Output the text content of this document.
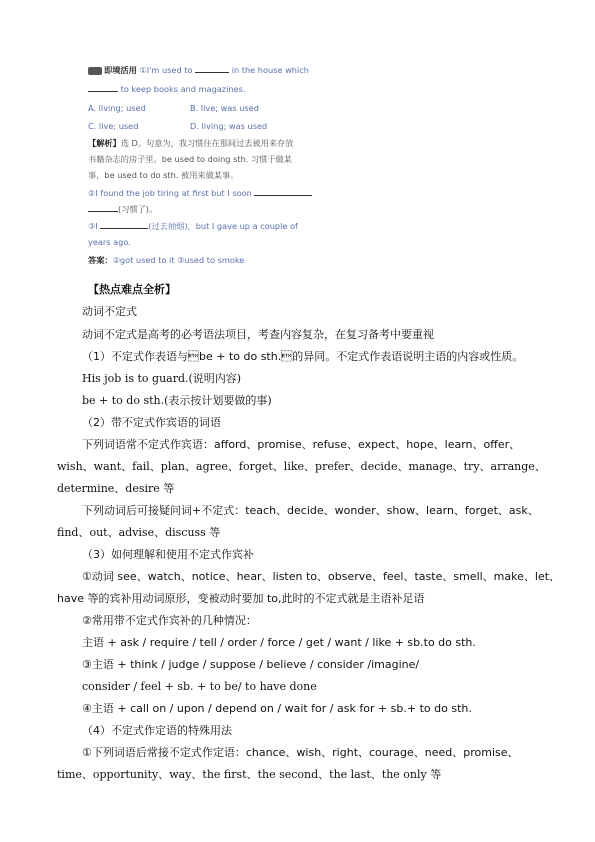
即境活用 ①I'm used to	in the house which
to keep books and magazines.
A. living; used	B. live; was used
C. live; used	D. living; was used
【解析】选 D。句意为，我习惯住在那间过去被用来存放
书籍杂志的房子里。be used to doing sth. 习惯于做某
事，be used to do sth. 被用来做某事。
②I found the job tiring at first but I soon
(习惯了)。
③I	(过去抽烟)，but I gave up a couple of
years ago.
答案：②got used to it ③used to smoke
【热点难点全析】
动词不定式
动词不定式是高考的必考语法项目，考查内容复杂，在复习备考中要重视
（1）不定式作表语与be + to do sth.的异同。不定式作表语说明主语的内容或性质。
His job is to guard.(说明内容)
be + to do sth.(表示按计划要做的事)
（2）带不定式作宾语的词语
下列词语常不定式作宾语：afford、promise、refuse、expect、hope、learn、offer、
wish、want、fail、plan、agree、forget、like、prefer、decide、manage、try、arrange、
determine、desire 等
下列动词后可接疑问词+不定式：teach、decide、wonder、show、learn、forget、ask、
find、out、advise、discuss 等
（3）如何理解和使用不定式作宾补
①动词 see、watch、notice、hear、listen to、observe、feel、taste、smell、make、let、
have 等的宾补用动词原形，变被动时要加 to,此时的不定式就是主语补足语
②常用带不定式作宾补的几种情况：
主语 + ask / require / tell / order / force / get / want / like + sb.to do sth.
③主语 + think / judge / suppose / believe / consider /imagine/
consider / feel + sb. + to be/ to have done
④主语 + call on / upon / depend on / wait for / ask for + sb.+ to do sth.
（4）不定式作定语的特殊用法
①下列词语后常接不定式作定语：chance、wish、right、courage、need、promise、
time、opportunity、way、the first、the second、the last、the only 等
